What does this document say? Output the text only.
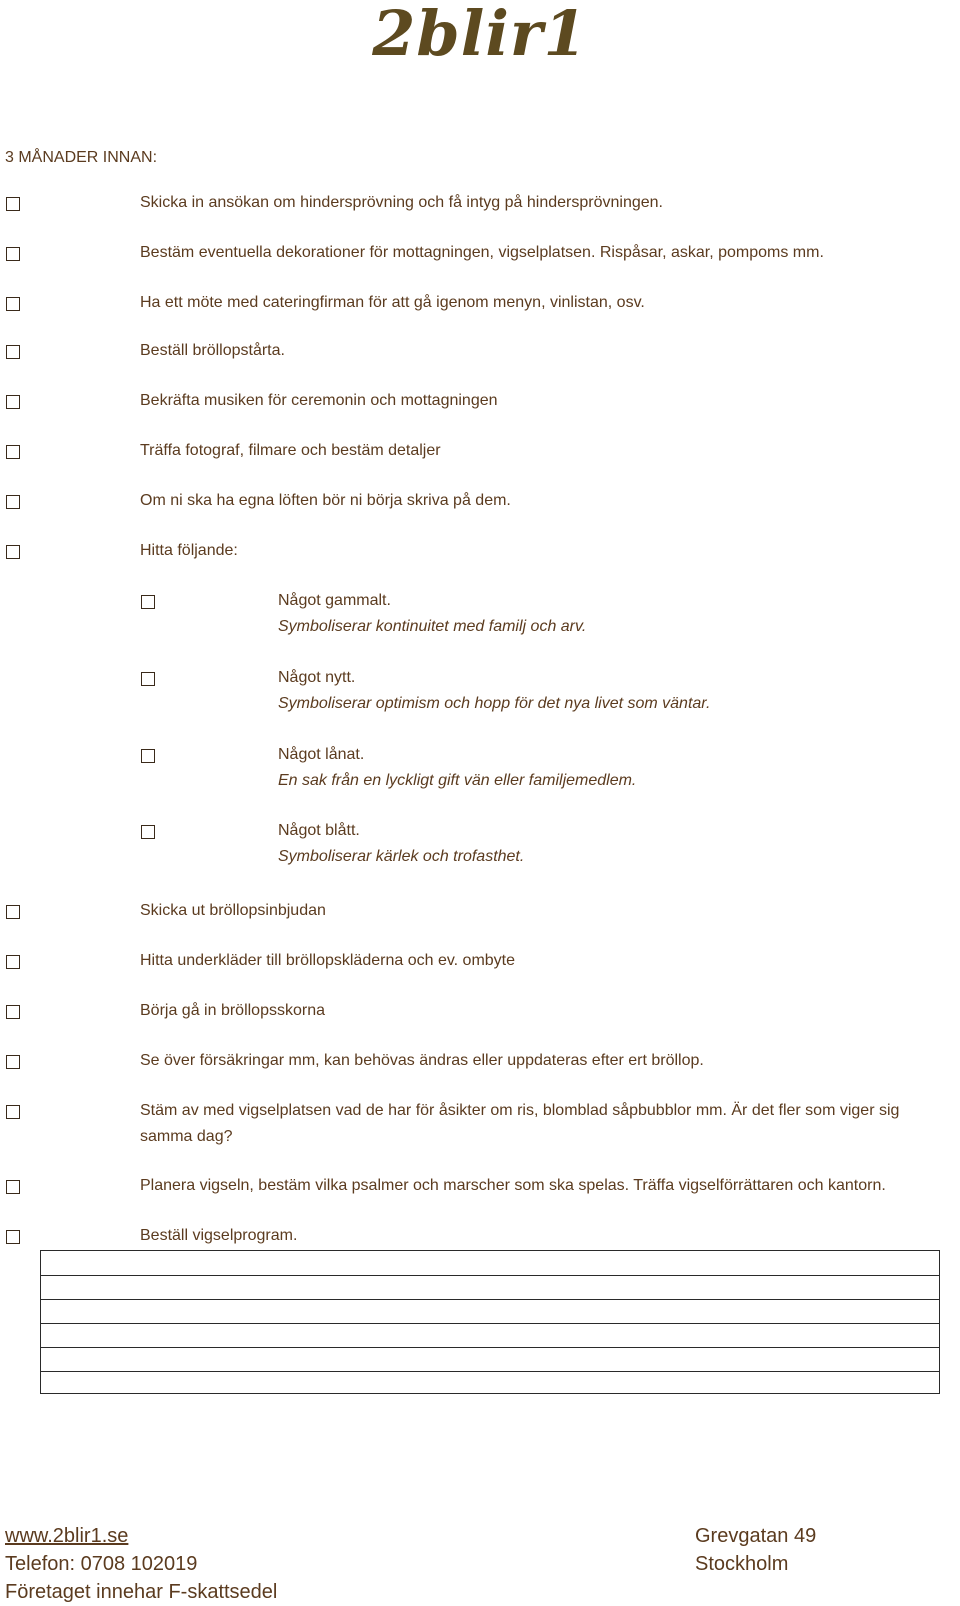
2blir1
3 MÅNADER INNAN:
Skicka in ansökan om hindersprövning och få intyg på hindersprövningen.
Bestäm eventuella dekorationer för mottagningen, vigselplatsen. Rispåsar, askar, pompoms mm.
Ha ett möte med cateringfirman för att gå igenom menyn, vinlistan, osv.
Beställ bröllopstårta.
Bekräfta musiken för ceremonin och mottagningen
Träffa fotograf, filmare och bestäm detaljer
Om ni ska ha egna löften bör ni börja skriva på dem.
Hitta följande:
Något gammalt.
Symboliserar kontinuitet med familj och arv.
Något nytt.
Symboliserar optimism och hopp för det nya livet som väntar.
Något lånat.
En sak från en lyckligt gift vän eller familjemedlem.
Något blått.
Symboliserar kärlek och trofasthet.
Skicka ut bröllopsinbjudan
Hitta underkläder till bröllopskläderna och ev. ombyte
Börja gå in bröllopsskorna
Se över försäkringar mm, kan behövas ändras eller uppdateras efter ert bröllop.
Stäm av med vigselplatsen vad de har för åsikter om ris, blomblad såpbubblor mm. Är det fler som viger sig samma dag?
Planera vigseln, bestäm vilka psalmer och marscher som ska spelas. Träffa vigselförrättaren och kantorn.
Beställ vigselprogram.
www.2blir1.se
Telefon: 0708 102019
Företaget innehar F-skattsedel
Grevgatan 49
Stockholm
